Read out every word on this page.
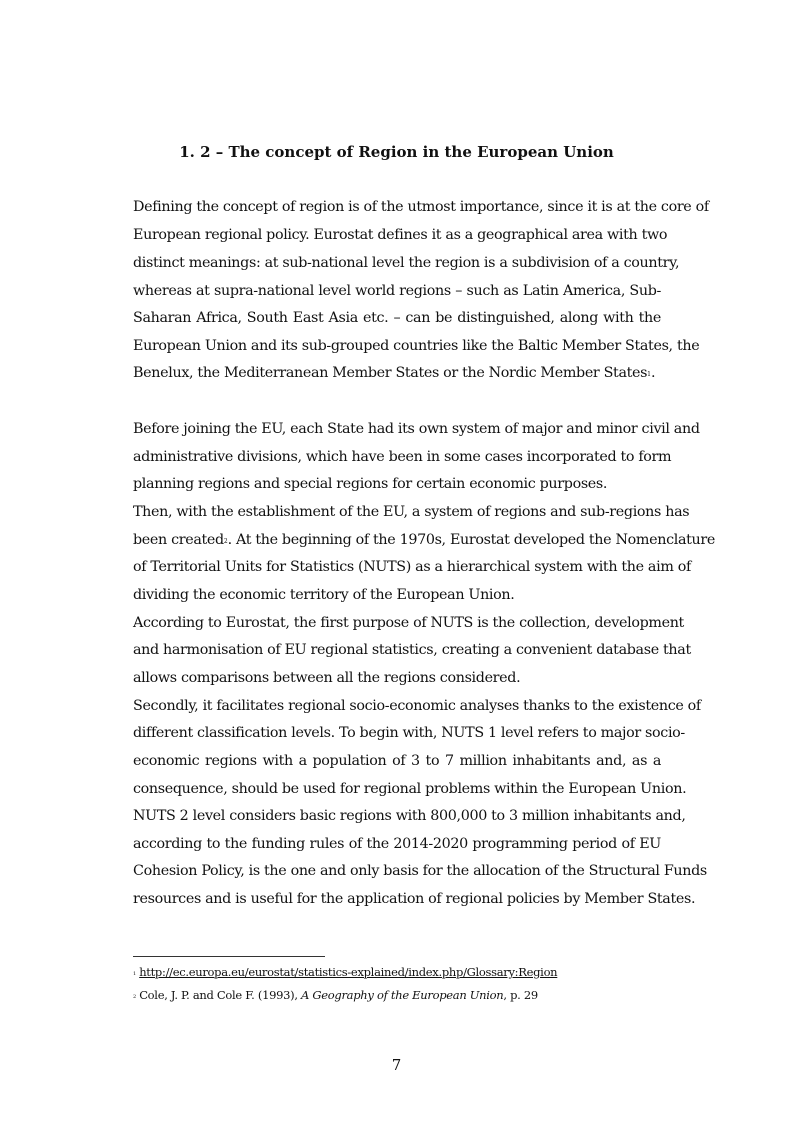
1. 2 – The concept of Region in the European Union
Defining the concept of region is of the utmost importance, since it is at the core of
European regional policy. Eurostat defines it as a geographical area with two
distinct meanings: at sub-national level the region is a subdivision of a country,
whereas at supra-national level world regions – such as Latin America, Sub-
Saharan Africa, South East Asia etc. – can be distinguished, along with the
European Union and its sub-grouped countries like the Baltic Member States, the
Benelux, the Mediterranean Member States or the Nordic Member States$^1$.
Before joining the EU, each State had its own system of major and minor civil and
administrative divisions, which have been in some cases incorporated to form
planning regions and special regions for certain economic purposes.
Then, with the establishment of the EU, a system of regions and sub-regions has
been created$^2$. At the beginning of the 1970s, Eurostat developed the Nomenclature
of Territorial Units for Statistics (NUTS) as a hierarchical system with the aim of
dividing the economic territory of the European Union.
According to Eurostat, the first purpose of NUTS is the collection, development
and harmonisation of EU regional statistics, creating a convenient database that
allows comparisons between all the regions considered.
Secondly, it facilitates regional socio-economic analyses thanks to the existence of
different classification levels. To begin with, NUTS 1 level refers to major socio-
economic regions with a population of 3 to 7 million inhabitants and, as a
consequence, should be used for regional problems within the European Union.
NUTS 2 level considers basic regions with 800,000 to 3 million inhabitants and,
according to the funding rules of the 2014-2020 programming period of EU
Cohesion Policy, is the one and only basis for the allocation of the Structural Funds
resources and is useful for the application of regional policies by Member States.
$^1$ http://ec.europa.eu/eurostat/statistics-explained/index.php/Glossary:Region
$^2$ Cole, J. P. and Cole F. (1993), A Geography of the European Union, p. 29
7
